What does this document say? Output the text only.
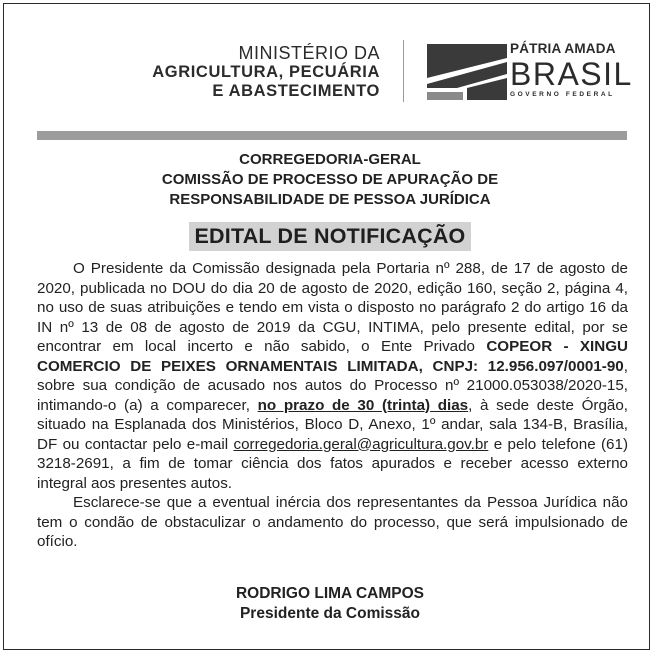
MINISTÉRIO DA
AGRICULTURA, PECUÁRIA
E ABASTECIMENTO
PÁTRIA AMADA
BRASIL
GOVERNO FEDERAL
CORREGEDORIA-GERAL
COMISSÃO DE PROCESSO DE APURAÇÃO DE
RESPONSABILIDADE DE PESSOA JURÍDICA
EDITAL DE NOTIFICAÇÃO

O Presidente da Comissão designada pela Portaria nº 288, de 17 de agosto de 2020, publicada no DOU do dia 20 de agosto de 2020, edição 160, seção 2, página 4, no uso de suas atribuições e tendo em vista o disposto no parágrafo 2 do artigo 16 da IN nº 13 de 08 de agosto de 2019 da CGU, INTIMA, pelo presente edital, por se encontrar em local incerto e não sabido, o Ente Privado COPEOR - XINGU COMERCIO DE PEIXES ORNAMENTAIS LIMITADA, CNPJ: 12.956.097/0001-90, sobre sua condição de acusado nos autos do Processo nº 21000.053038/2020-15, intimando-o (a) a comparecer, no prazo de 30 (trinta) dias, à sede deste Órgão, situado na Esplanada dos Ministérios, Bloco D, Anexo, 1º andar, sala 134-B, Brasília, DF ou contactar pelo e-mail corregedoria.geral@agricultura.gov.br e pelo telefone (61) 3218-2691, a fim de tomar ciência dos fatos apurados e receber acesso externo integral aos presentes autos.

Esclarece-se que a eventual inércia dos representantes da Pessoa Jurídica não tem o condão de obstaculizar o andamento do processo, que será impulsionado de ofício.

RODRIGO LIMA CAMPOS
Presidente da Comissão
